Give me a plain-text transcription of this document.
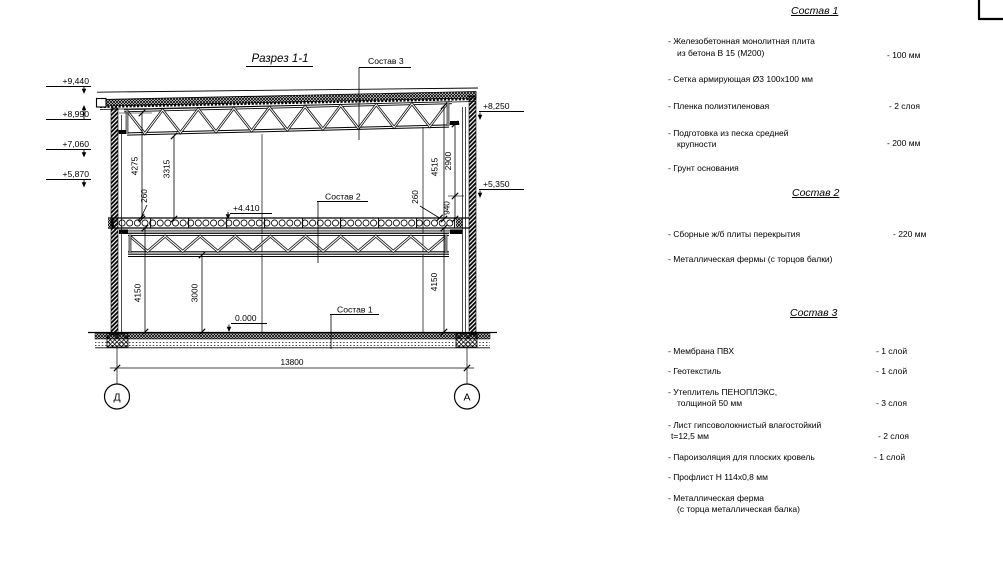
Разрез 1-1
+9,440
+8,990
+7,060
+5,870
+8,250
+5,350
+4.410
0.000
4275	3315
260
4150	3000
4515 2900
940
260
4150
13800
Д	А
Состав 3
Состав 2
Состав 1
Состав 1
- Железобетонная монолитная плита
из бетона В 15 (М200)	- 100 мм
- Сетка армирующая Ø3 100х100 мм
- Пленка полиэтиленовая	- 2 слоя
- Подготовка из песка средней
крупности	- 200 мм
- Грунт основания
Состав 2
- Сборные ж/б плиты перекрытия	- 220 мм
- Металлическая фермы (с торцов балки)
Состав 3
- Мембрана ПВХ	- 1 слой
- Геотекстиль	- 1 слой
- Утеплитель ПЕНОПЛЭКС,
толщиной 50 мм	- 3 слоя
- Лист гипсоволокнистый влагостойкий
t=12,5 мм	- 2 слоя
- Пароизоляция для плоских кровель	- 1 слой
- Профлист Н 114х0,8 мм
- Металлическая ферма
(с торца металлическая балка)
